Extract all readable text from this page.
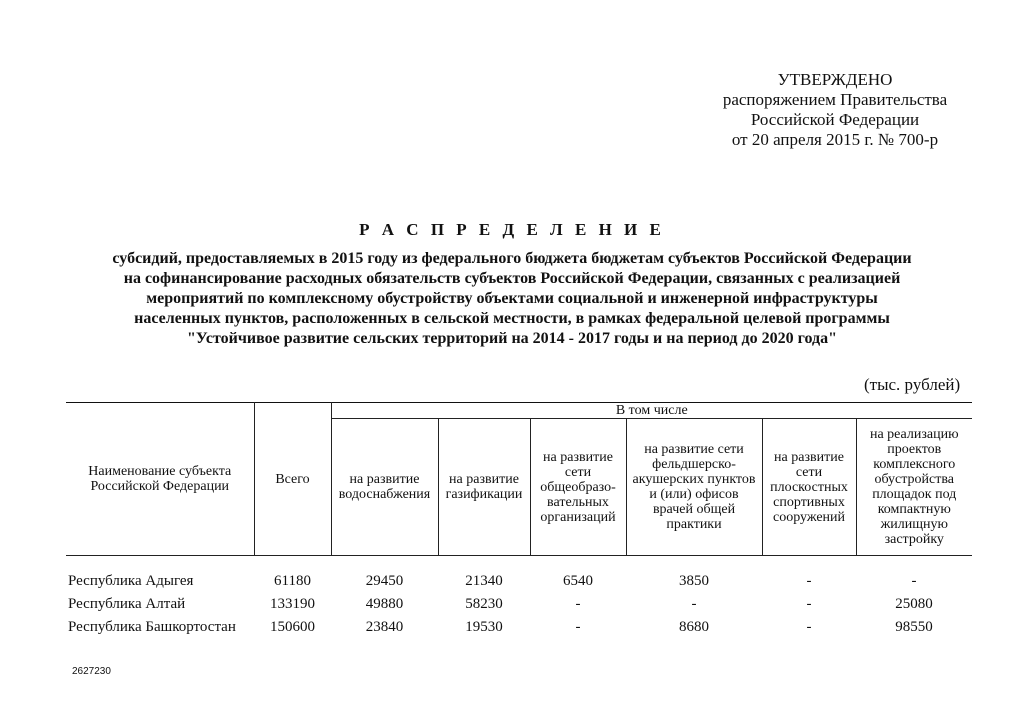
УТВЕРЖДЕНО
распоряжением Правительства
Российской Федерации
от 20 апреля 2015 г. № 700-р
Р А С П Р Е Д Е Л Е Н И Е
субсидий, предоставляемых в 2015 году из федерального бюджета бюджетам субъектов Российской Федерации
на софинансирование расходных обязательств субъектов Российской Федерации, связанных с реализацией
мероприятий по комплексному обустройству объектами социальной и инженерной инфраструктуры
населенных пунктов, расположенных в сельской местности, в рамках федеральной целевой программы
"Устойчивое развитие сельских территорий на 2014 - 2017 годы и на период до 2020 года"
(тыс. рублей)
Наименование субъекта Российской Федерации	Всего	В том числе					
		на развитие водоснабжения	на развитие газификации	на развитие сети общеобразо-вательных организаций	на развитие сети фельдшерско-акушерских пунктов и (или) офисов врачей общей практики	на развитие сети плоскостных спортивных сооружений	на реализацию проектов комплексного обустройства площадок под компактную жилищную застройку
Республика Адыгея	61180	29450	21340	6540	3850	-	-
Республика Алтай	133190	49880	58230	-	-	-	25080
Республика Башкортостан	150600	23840	19530	-	8680	-	98550
2627230
